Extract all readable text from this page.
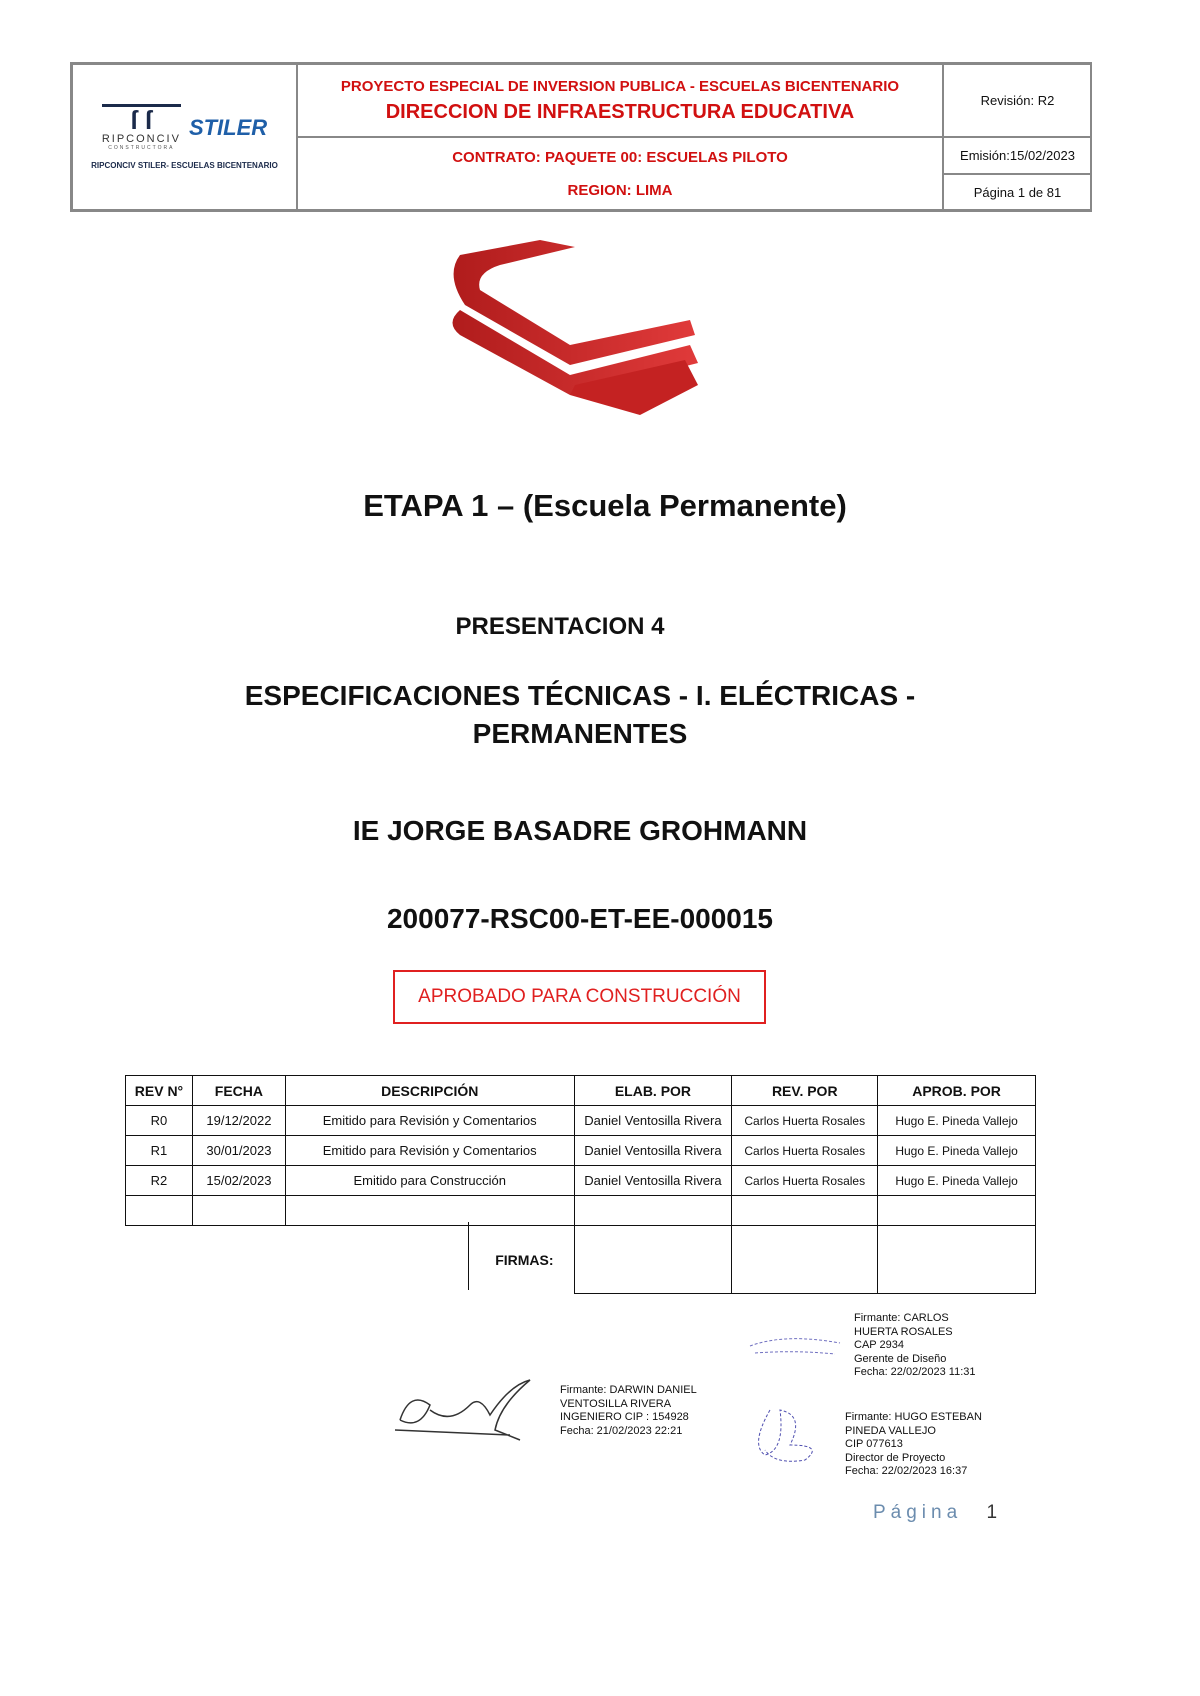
ſ ſ
RIPCONCIV
CONSTRUCTORA
STILER
RIPCONCIV STILER- ESCUELAS BICENTENARIO
PROYECTO ESPECIAL DE INVERSION PUBLICA - ESCUELAS BICENTENARIO
DIRECCION DE INFRAESTRUCTURA EDUCATIVA
CONTRATO: PAQUETE 00: ESCUELAS PILOTO
REGION: LIMA
Revisión: R2
Emisión:15/02/2023
Página 1 de 81
ETAPA 1 – (Escuela Permanente)
PRESENTACION 4
ESPECIFICACIONES TÉCNICAS - I. ELÉCTRICAS -
PERMANENTES
IE JORGE BASADRE GROHMANN
200077-RSC00-ET-EE-000015
APROBADO PARA CONSTRUCCIÓN
REV N°	FECHA	DESCRIPCIÓN	ELAB. POR	REV. POR	APROB. POR
R0	19/12/2022	Emitido para Revisión y Comentarios	Daniel Ventosilla Rivera	Carlos Huerta Rosales	Hugo E. Pineda Vallejo
R1	30/01/2023	Emitido para Revisión y Comentarios	Daniel Ventosilla Rivera	Carlos Huerta Rosales	Hugo E. Pineda Vallejo
R2	15/02/2023	Emitido para Construcción	Daniel Ventosilla Rivera	Carlos Huerta Rosales	Hugo E. Pineda Vallejo

		FIRMAS:			
Firmante: DARWIN DANIEL
VENTOSILLA RIVERA
INGENIERO CIP : 154928
Fecha: 21/02/2023 22:21
Firmante: CARLOS
HUERTA ROSALES
CAP 2934
Gerente de Diseño
Fecha: 22/02/2023 11:31
Firmante: HUGO ESTEBAN
PINEDA VALLEJO
CIP 077613
Director de Proyecto
Fecha: 22/02/2023 16:37
Página 1
